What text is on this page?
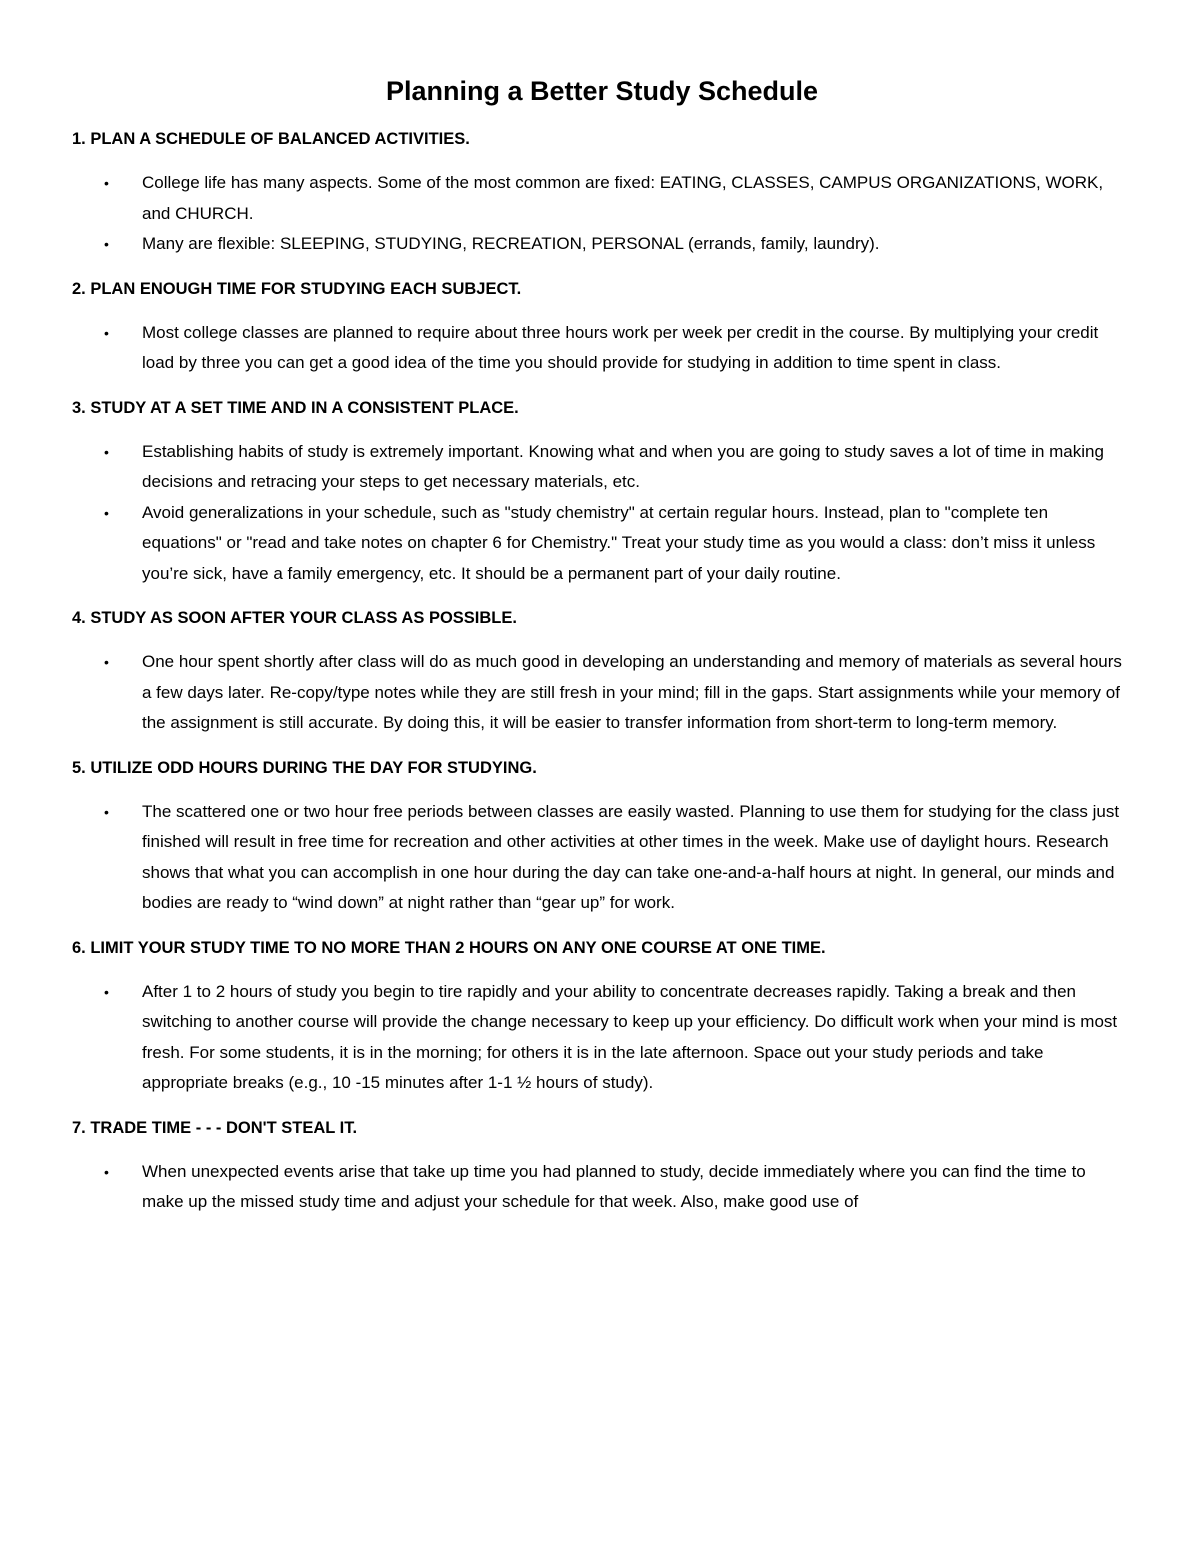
Planning a Better Study Schedule
1. PLAN A SCHEDULE OF BALANCED ACTIVITIES.
• College life has many aspects. Some of the most common are fixed: EATING, CLASSES, CAMPUS ORGANIZATIONS, WORK, and CHURCH.
• Many are flexible: SLEEPING, STUDYING, RECREATION, PERSONAL (errands, family, laundry).
2. PLAN ENOUGH TIME FOR STUDYING EACH SUBJECT.
• Most college classes are planned to require about three hours work per week per credit in the course. By multiplying your credit load by three you can get a good idea of the time you should provide for studying in addition to time spent in class.
3. STUDY AT A SET TIME AND IN A CONSISTENT PLACE.
• Establishing habits of study is extremely important. Knowing what and when you are going to study saves a lot of time in making decisions and retracing your steps to get necessary materials, etc.
• Avoid generalizations in your schedule, such as "study chemistry" at certain regular hours. Instead, plan to "complete ten equations" or "read and take notes on chapter 6 for Chemistry." Treat your study time as you would a class: don’t miss it unless you’re sick, have a family emergency, etc. It should be a permanent part of your daily routine.
4. STUDY AS SOON AFTER YOUR CLASS AS POSSIBLE.
• One hour spent shortly after class will do as much good in developing an understanding and memory of materials as several hours a few days later. Re-copy/type notes while they are still fresh in your mind; fill in the gaps. Start assignments while your memory of the assignment is still accurate. By doing this, it will be easier to transfer information from short-term to long-term memory.
5. UTILIZE ODD HOURS DURING THE DAY FOR STUDYING.
• The scattered one or two hour free periods between classes are easily wasted. Planning to use them for studying for the class just finished will result in free time for recreation and other activities at other times in the week. Make use of daylight hours. Research shows that what you can accomplish in one hour during the day can take one-and-a-half hours at night. In general, our minds and bodies are ready to “wind down” at night rather than “gear up” for work.
6. LIMIT YOUR STUDY TIME TO NO MORE THAN 2 HOURS ON ANY ONE COURSE AT ONE TIME.
• After 1 to 2 hours of study you begin to tire rapidly and your ability to concentrate decreases rapidly. Taking a break and then switching to another course will provide the change necessary to keep up your efficiency. Do difficult work when your mind is most fresh. For some students, it is in the morning; for others it is in the late afternoon. Space out your study periods and take appropriate breaks (e.g., 10 -15 minutes after 1-1 ½ hours of study).
7. TRADE TIME - - - DON'T STEAL IT.
• When unexpected events arise that take up time you had planned to study, decide immediately where you can find the time to make up the missed study time and adjust your schedule for that week. Also, make good use of
